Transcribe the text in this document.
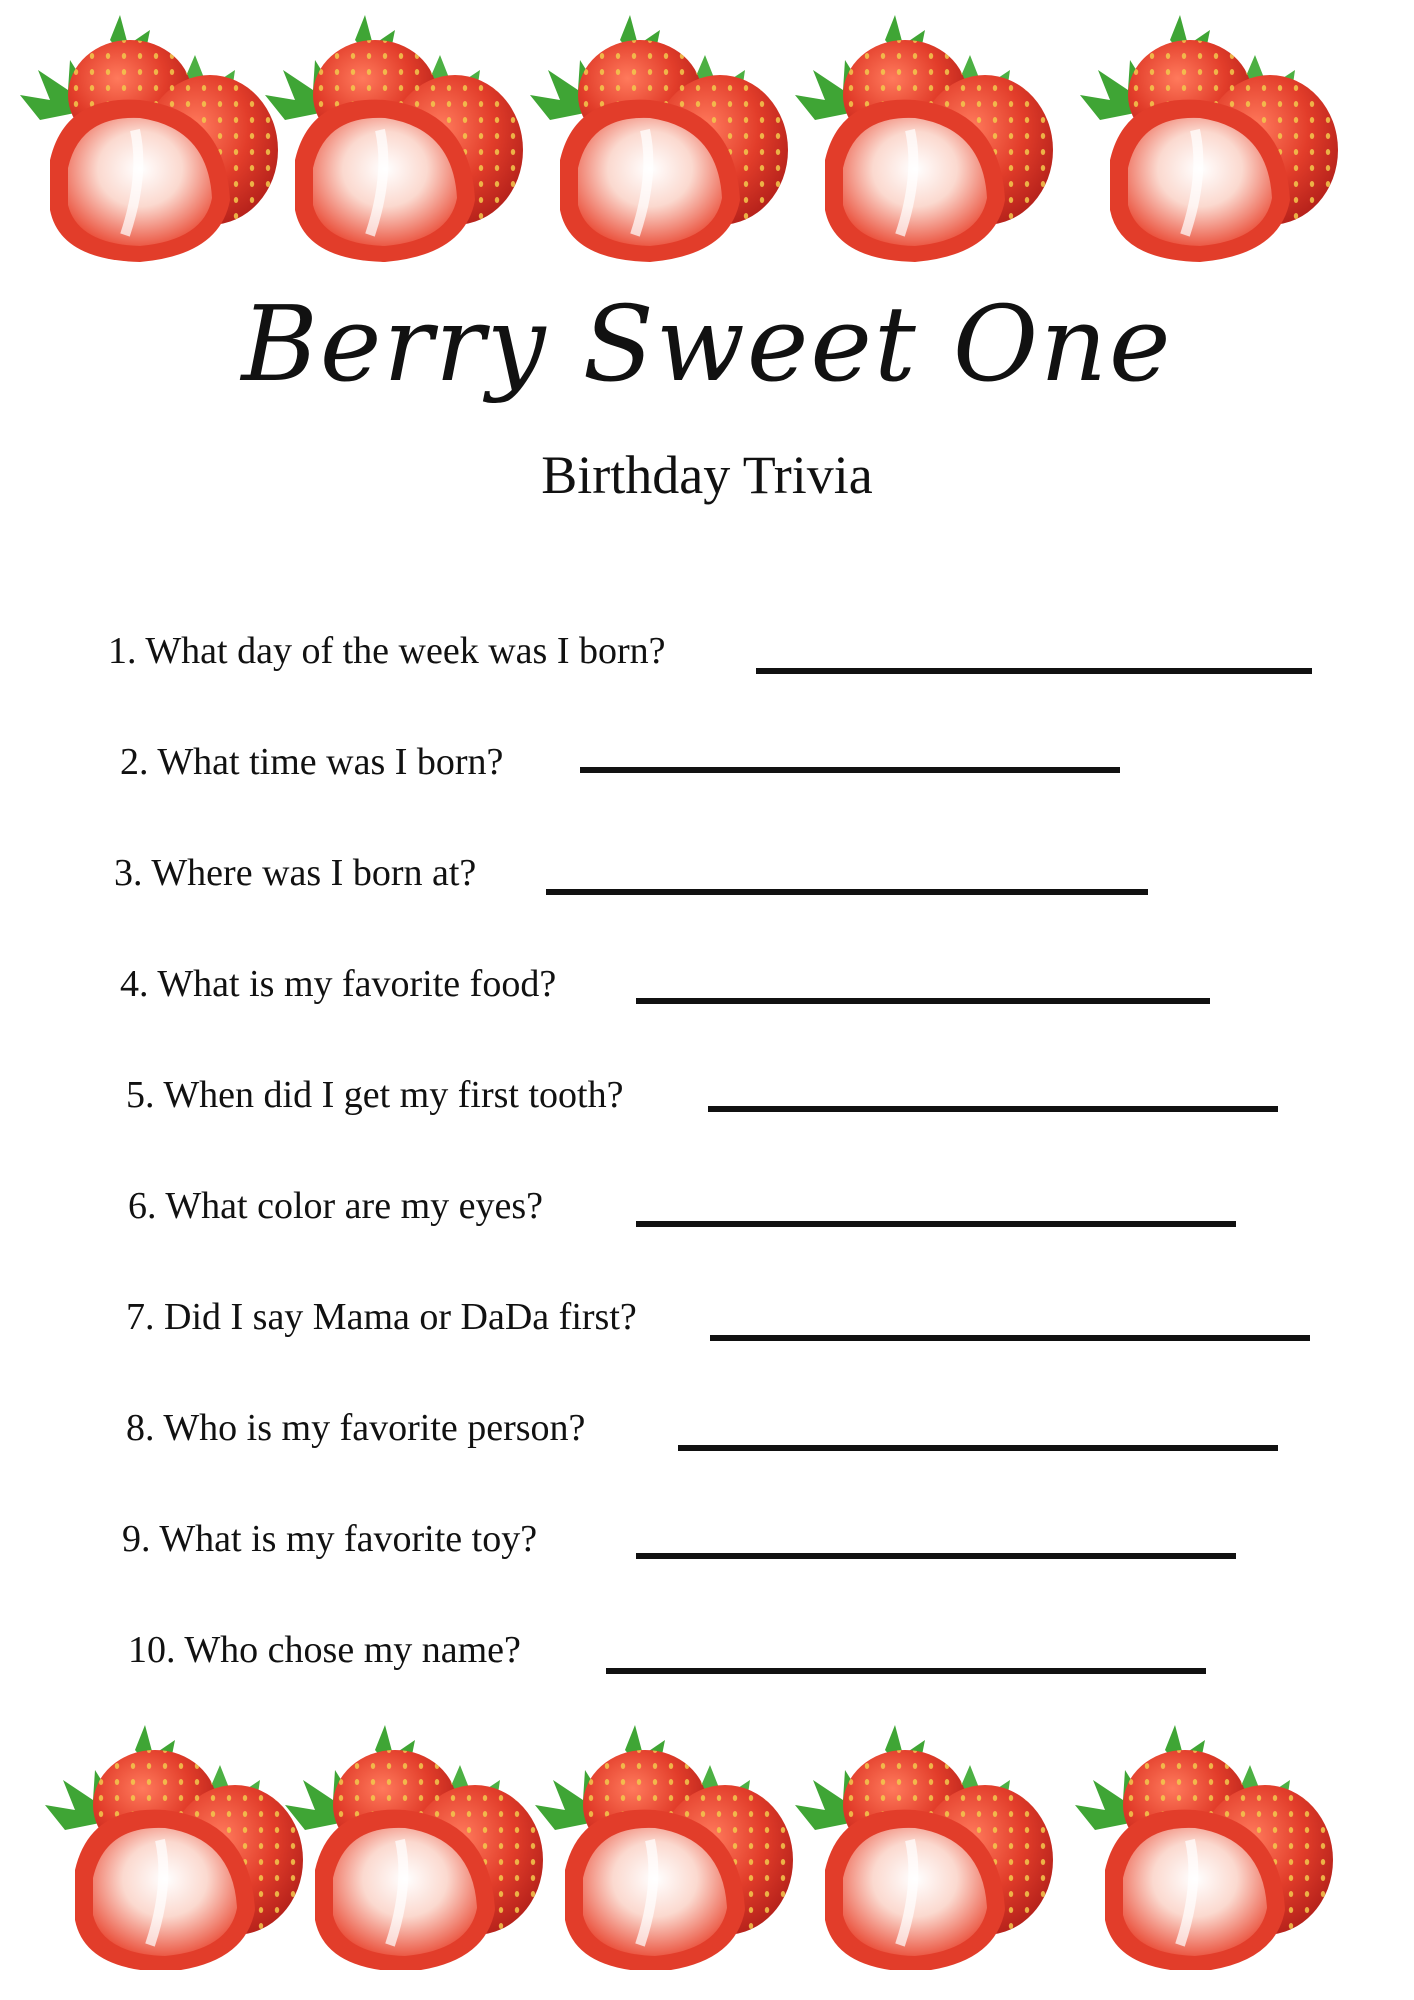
Berry Sweet One
Birthday Trivia
1. What day of the week was I born?
2. What time was I born?
3. Where was I born at?
4. What is my favorite food?
5. When did I get my first tooth?
6. What color are my eyes?
7. Did I say Mama or DaDa first?
8. Who is my favorite person?
9. What is my favorite toy?
10. Who chose my name?
